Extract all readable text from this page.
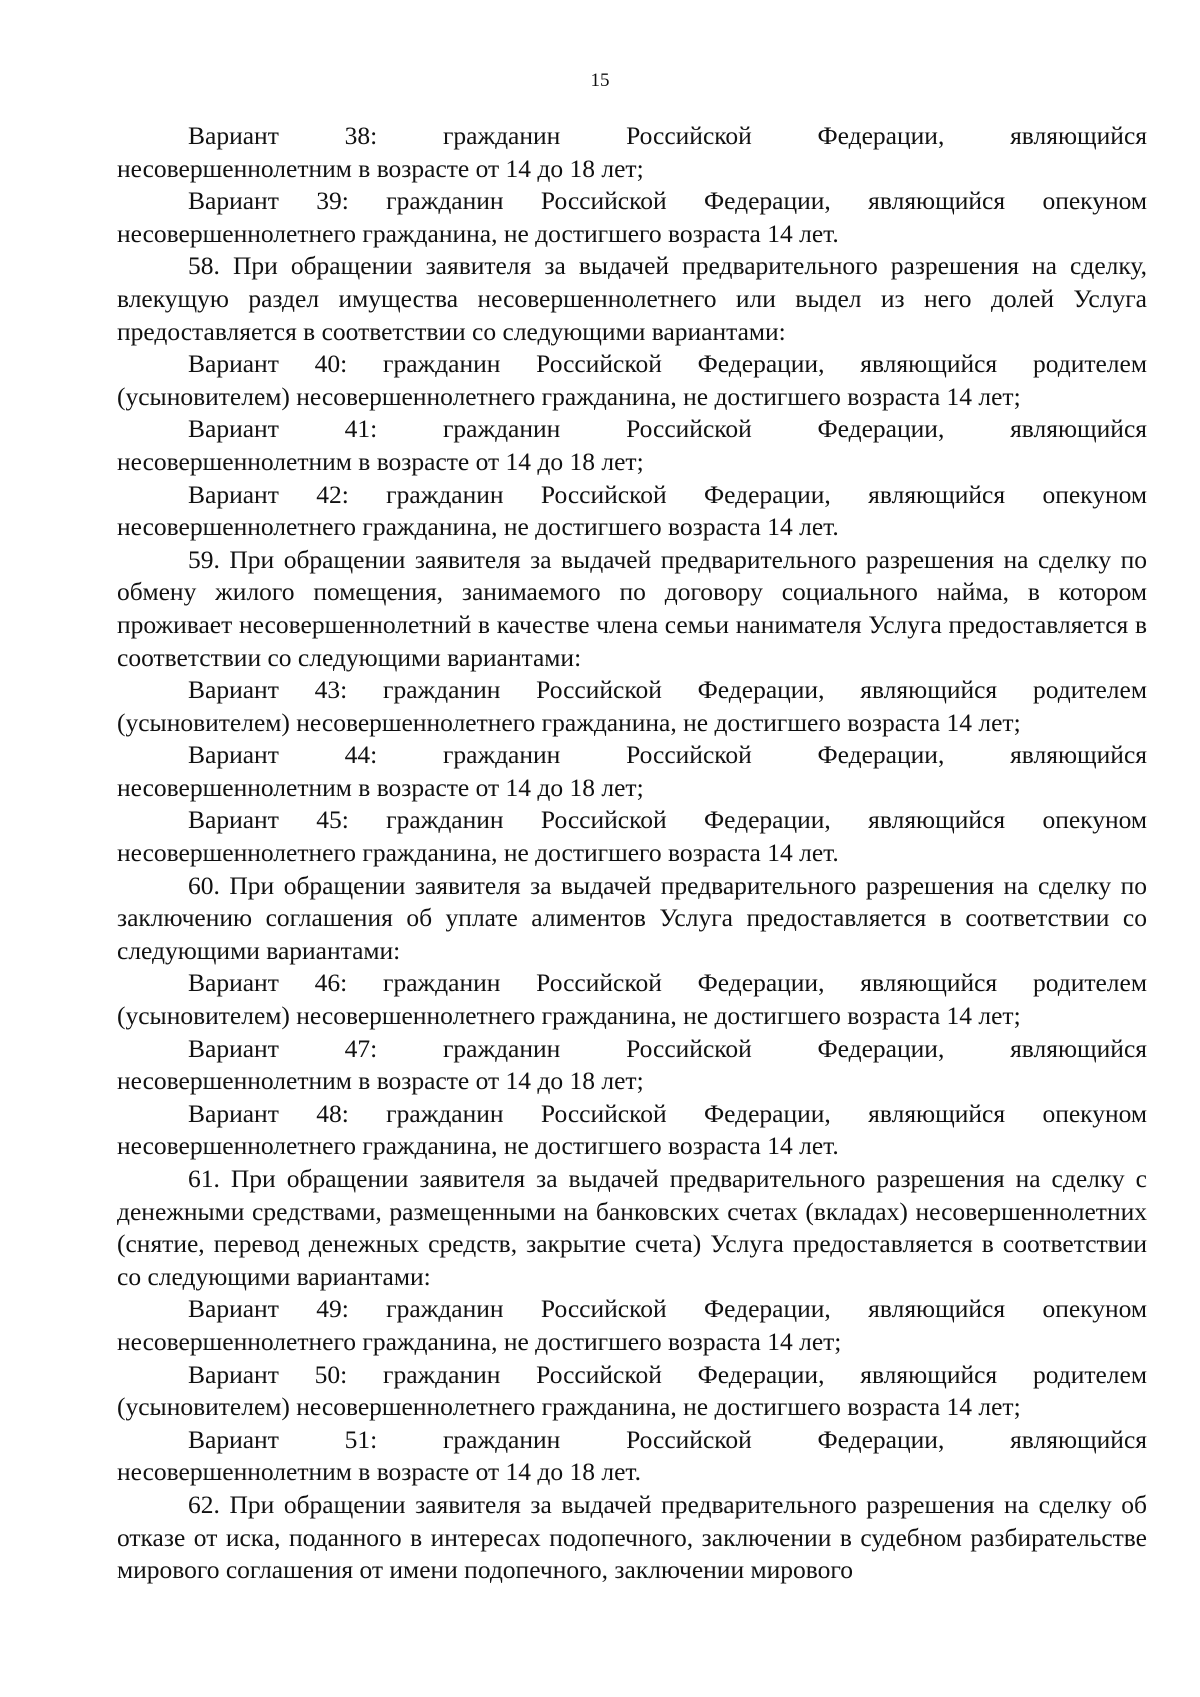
15
Вариант 38: гражданин Российской Федерации, являющийся
несовершеннолетним в возрасте от 14 до 18 лет;
Вариант 39: гражданин Российской Федерации, являющийся опекуном
несовершеннолетнего гражданина, не достигшего возраста 14 лет.

58. При обращении заявителя за выдачей предварительного разрешения на сделку, влекущую раздел имущества несовершеннолетнего или выдел из него долей Услуга предоставляется в соответствии со следующими вариантами:

Вариант 40: гражданин Российской Федерации, являющийся родителем
(усыновителем) несовершеннолетнего гражданина, не достигшего возраста 14 лет;
Вариант 41: гражданин Российской Федерации, являющийся
несовершеннолетним в возрасте от 14 до 18 лет;
Вариант 42: гражданин Российской Федерации, являющийся опекуном
несовершеннолетнего гражданина, не достигшего возраста 14 лет.

59. При обращении заявителя за выдачей предварительного разрешения на сделку по обмену жилого помещения, занимаемого по договору социального найма, в котором проживает несовершеннолетний в качестве члена семьи нанимателя Услуга предоставляется в соответствии со следующими вариантами:

Вариант 43: гражданин Российской Федерации, являющийся родителем
(усыновителем) несовершеннолетнего гражданина, не достигшего возраста 14 лет;
Вариант 44: гражданин Российской Федерации, являющийся
несовершеннолетним в возрасте от 14 до 18 лет;
Вариант 45: гражданин Российской Федерации, являющийся опекуном
несовершеннолетнего гражданина, не достигшего возраста 14 лет.

60. При обращении заявителя за выдачей предварительного разрешения на сделку по заключению соглашения об уплате алиментов Услуга предоставляется в соответствии со следующими вариантами:

Вариант 46: гражданин Российской Федерации, являющийся родителем
(усыновителем) несовершеннолетнего гражданина, не достигшего возраста 14 лет;
Вариант 47: гражданин Российской Федерации, являющийся
несовершеннолетним в возрасте от 14 до 18 лет;
Вариант 48: гражданин Российской Федерации, являющийся опекуном
несовершеннолетнего гражданина, не достигшего возраста 14 лет.

61. При обращении заявителя за выдачей предварительного разрешения на сделку с денежными средствами, размещенными на банковских счетах (вкладах) несовершеннолетних (снятие, перевод денежных средств, закрытие счета) Услуга предоставляется в соответствии со следующими вариантами:

Вариант 49: гражданин Российской Федерации, являющийся опекуном
несовершеннолетнего гражданина, не достигшего возраста 14 лет;
Вариант 50: гражданин Российской Федерации, являющийся родителем
(усыновителем) несовершеннолетнего гражданина, не достигшего возраста 14 лет;
Вариант 51: гражданин Российской Федерации, являющийся
несовершеннолетним в возрасте от 14 до 18 лет.

62. При обращении заявителя за выдачей предварительного разрешения на сделку об отказе от иска, поданного в интересах подопечного, заключении в судебном разбирательстве мирового соглашения от имени подопечного, заключении мирового
